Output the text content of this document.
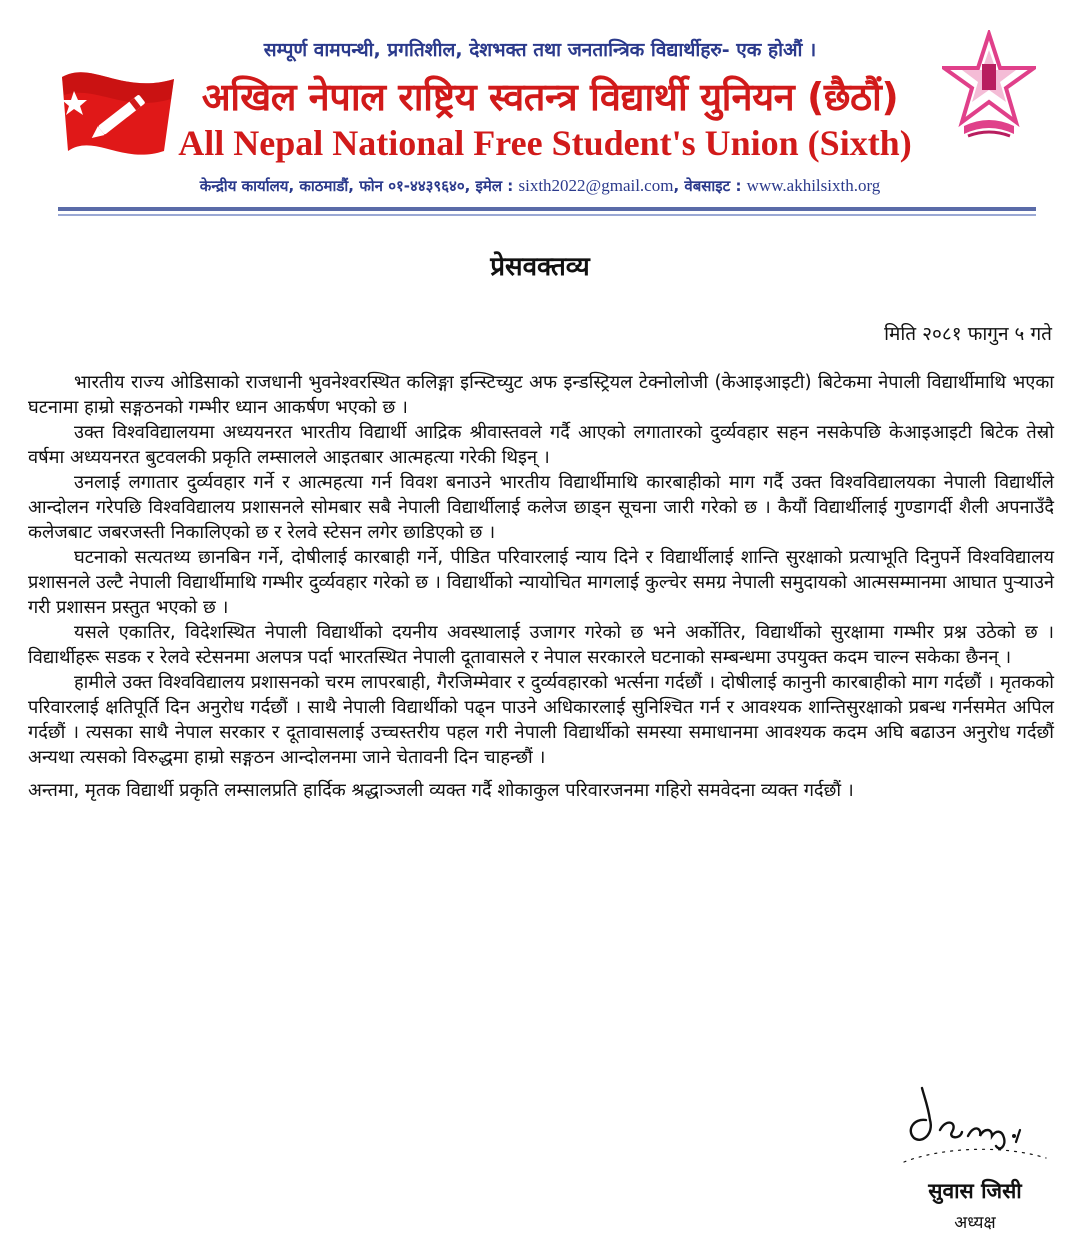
सम्पूर्ण वामपन्थी, प्रगतिशील, देशभक्त तथा जनतान्त्रिक विद्यार्थीहरु- एक होऔं ।
अखिल नेपाल राष्ट्रिय स्वतन्त्र विद्यार्थी युनियन (छैठौं)
All Nepal National Free Student's Union (Sixth)
केन्द्रीय कार्यालय, काठमाडौं, फोन ०१-४४३९६४०, इमेल : sixth2022@gmail.com, वेबसाइट : www.akhilsixth.org
प्रेसवक्तव्य
मिति २०८१ फागुन ५ गते

भारतीय राज्य ओडिसाको राजधानी भुवनेश्वरस्थित कलिङ्गा इन्स्टिच्युट अफ इन्डस्ट्रियल टेक्नोलोजी (केआइआइटी) बिटेकमा नेपाली विद्यार्थीमाथि भएका घटनामा हाम्रो सङ्गठनको गम्भीर ध्यान आकर्षण भएको छ ।

उक्त विश्वविद्यालयमा अध्ययनरत भारतीय विद्यार्थी आद्रिक श्रीवास्तवले गर्दै आएको लगातारको दुर्व्यवहार सहन नसकेपछि केआइआइटी बिटेक तेस्रो वर्षमा अध्ययनरत बुटवलकी प्रकृति लम्सालले आइतबार आत्महत्या गरेकी थिइन् ।

उनलाई लगातार दुर्व्यवहार गर्ने र आत्महत्या गर्न विवश बनाउने भारतीय विद्यार्थीमाथि कारबाहीको माग गर्दै उक्त विश्वविद्यालयका नेपाली विद्यार्थीले आन्दोलन गरेपछि विश्वविद्यालय प्रशासनले सोमबार सबै नेपाली विद्यार्थीलाई कलेज छाड्न सूचना जारी गरेको छ । कैयौं विद्यार्थीलाई गुण्डागर्दी शैली अपनाउँदै कलेजबाट जबरजस्ती निकालिएको छ र रेलवे स्टेसन लगेर छाडिएको छ ।

घटनाको सत्यतथ्य छानबिन गर्ने, दोषीलाई कारबाही गर्ने, पीडित परिवारलाई न्याय दिने र विद्यार्थीलाई शान्ति सुरक्षाको प्रत्याभूति दिनुपर्ने विश्वविद्यालय प्रशासनले उल्टै नेपाली विद्यार्थीमाथि गम्भीर दुर्व्यवहार गरेको छ । विद्यार्थीको न्यायोचित मागलाई कुल्चेर समग्र नेपाली समुदायको आत्मसम्मानमा आघात पुर्‍याउने गरी प्रशासन प्रस्तुत भएको छ ।

यसले एकातिर, विदेशस्थित नेपाली विद्यार्थीको दयनीय अवस्थालाई उजागर गरेको छ भने अर्कोतिर, विद्यार्थीको सुरक्षामा गम्भीर प्रश्न उठेको छ । विद्यार्थीहरू सडक र रेलवे स्टेसनमा अलपत्र पर्दा भारतस्थित नेपाली दूतावासले र नेपाल सरकारले घटनाको सम्बन्धमा उपयुक्त कदम चाल्न सकेका छैनन् ।

हामीले उक्त विश्वविद्यालय प्रशासनको चरम लापरबाही, गैरजिम्मेवार र दुर्व्यवहारको भर्त्सना गर्दछौं । दोषीलाई कानुनी कारबाहीको माग गर्दछौं । मृतकको परिवारलाई क्षतिपूर्ति दिन अनुरोध गर्दछौं । साथै नेपाली विद्यार्थीको पढ्न पाउने अधिकारलाई सुनिश्चित गर्न र आवश्यक शान्तिसुरक्षाको प्रबन्ध गर्नसमेत अपिल गर्दछौं । त्यसका साथै नेपाल सरकार र दूतावासलाई उच्चस्तरीय पहल गरी नेपाली विद्यार्थीको समस्या समाधानमा आवश्यक कदम अघि बढाउन अनुरोध गर्दछौं अन्यथा त्यसको विरुद्धमा हाम्रो सङ्गठन आन्दोलनमा जाने चेतावनी दिन चाहन्छौं ।

अन्तमा, मृतक विद्यार्थी प्रकृति लम्सालप्रति हार्दिक श्रद्धाञ्जली व्यक्त गर्दै शोकाकुल परिवारजनमा गहिरो समवेदना व्यक्त गर्दछौं ।

सुवास जिसी
अध्यक्ष
